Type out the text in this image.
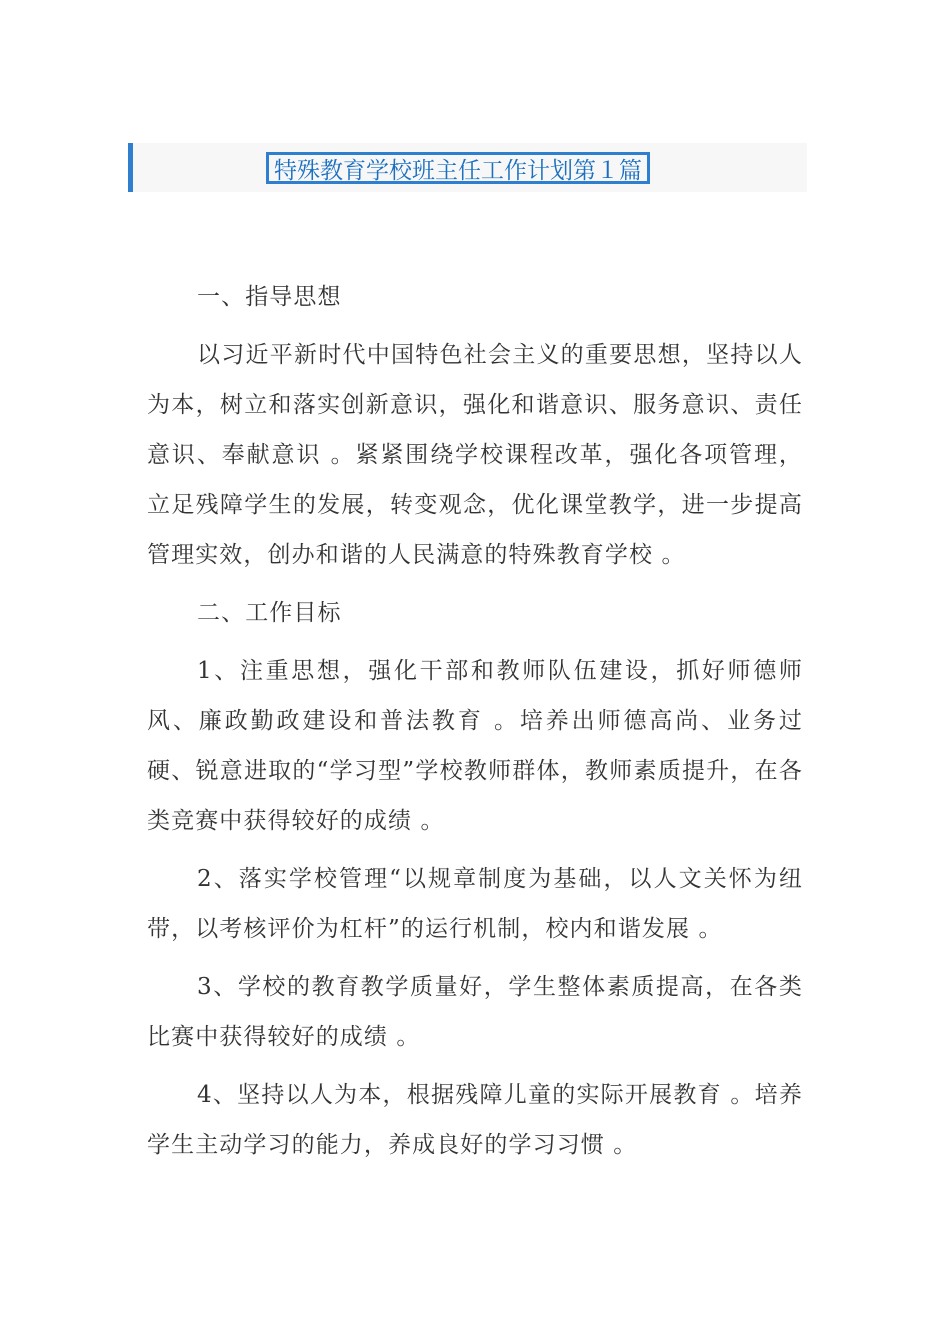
特殊教育学校班主任工作计划第１篇

一、指导思想

以习近平新时代中国特色社会主义的重要思想，坚持以人为本，树立和落实创新意识，强化和谐意识、服务意识、责任意识、奉献意识 。紧紧围绕学校课程改革，强化各项管理，立足残障学生的发展，转变观念，优化课堂教学，进一步提高管理实效，创办和谐的人民满意的特殊教育学校 。

二、工作目标

1、注重思想，强化干部和教师队伍建设，抓好师德师风、廉政勤政建设和普法教育 。培养出师德高尚、业务过硬、锐意进取的“学习型”学校教师群体，教师素质提升，在各类竞赛中获得较好的成绩 。

2、落实学校管理“以规章制度为基础，以人文关怀为纽带，以考核评价为杠杆”的运行机制，校内和谐发展 。

3、学校的教育教学质量好，学生整体素质提高，在各类比赛中获得较好的成绩 。

4、坚持以人为本，根据残障儿童的实际开展教育 。培养学生主动学习的能力，养成良好的学习习惯 。
